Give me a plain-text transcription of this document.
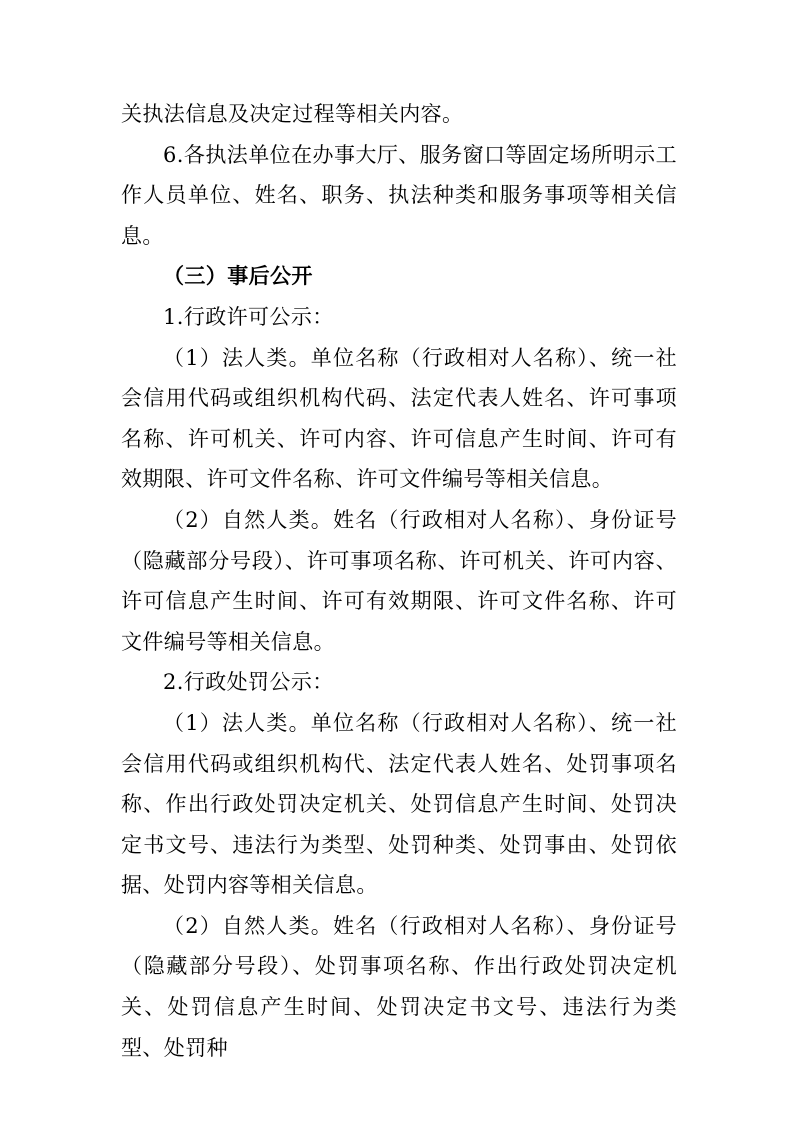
关执法信息及决定过程等相关内容。

6.各执法单位在办事大厅、服务窗口等固定场所明示工作人员单位、姓名、职务、执法种类和服务事项等相关信息。

（三）事后公开

1.行政许可公示：

（1）法人类。单位名称（行政相对人名称）、统一社会信用代码或组织机构代码、法定代表人姓名、许可事项名称、许可机关、许可内容、许可信息产生时间、许可有效期限、许可文件名称、许可文件编号等相关信息。

（2）自然人类。姓名（行政相对人名称）、身份证号（隐藏部分号段）、许可事项名称、许可机关、许可内容、许可信息产生时间、许可有效期限、许可文件名称、许可文件编号等相关信息。

2.行政处罚公示：

（1）法人类。单位名称（行政相对人名称）、统一社会信用代码或组织机构代、法定代表人姓名、处罚事项名称、作出行政处罚决定机关、处罚信息产生时间、处罚决定书文号、违法行为类型、处罚种类、处罚事由、处罚依据、处罚内容等相关信息。

（2）自然人类。姓名（行政相对人名称）、身份证号（隐藏部分号段）、处罚事项名称、作出行政处罚决定机关、处罚信息产生时间、处罚决定书文号、违法行为类型、处罚种
